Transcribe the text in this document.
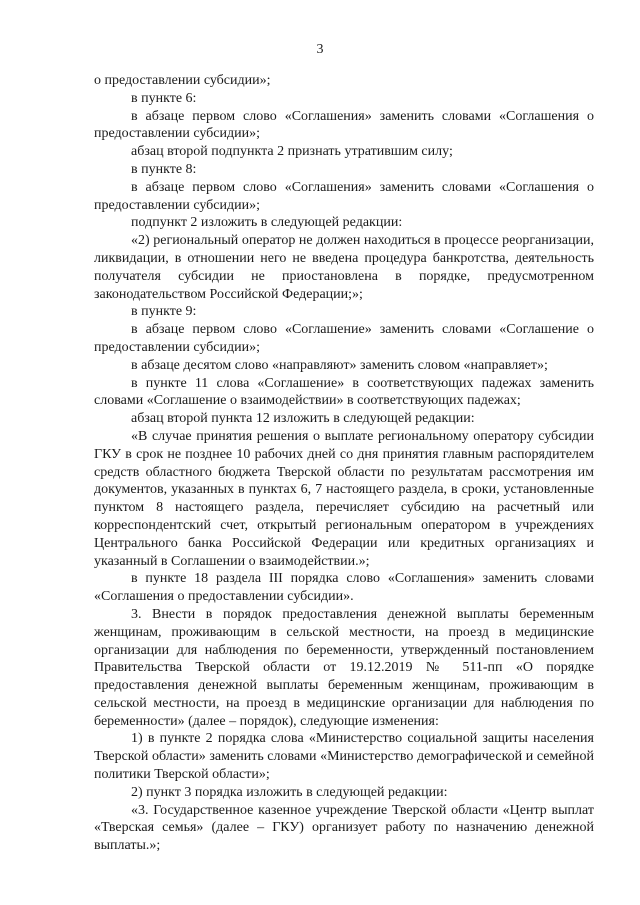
3

о предоставлении субсидии»;

в пункте 6:

в абзаце первом слово «Соглашения» заменить словами «Соглашения о предоставлении субсидии»;

абзац второй подпункта 2 признать утратившим силу;

в пункте 8:

в абзаце первом слово «Соглашения» заменить словами «Соглашения о предоставлении субсидии»;

подпункт 2 изложить в следующей редакции:

«2) региональный оператор не должен находиться в процессе реорганизации, ликвидации, в отношении него не введена процедура банкротства, деятельность получателя субсидии не приостановлена в порядке, предусмотренном законодательством Российской Федерации;»;

в пункте 9:

в абзаце первом слово «Соглашение» заменить словами «Соглашение о предоставлении субсидии»;

в абзаце десятом слово «направляют» заменить словом «направляет»;

в пункте 11 слова «Соглашение» в соответствующих падежах заменить словами «Соглашение о взаимодействии» в соответствующих падежах;

абзац второй пункта 12 изложить в следующей редакции:

«В случае принятия решения о выплате региональному оператору субсидии ГКУ в срок не позднее 10 рабочих дней со дня принятия главным распорядителем средств областного бюджета Тверской области по результатам рассмотрения им документов, указанных в пунктах 6, 7 настоящего раздела, в сроки, установленные пунктом 8 настоящего раздела, перечисляет субсидию на расчетный или корреспондентский счет, открытый региональным оператором в учреждениях Центрального банка Российской Федерации или кредитных организациях и указанный в Соглашении о взаимодействии.»;

в пункте 18 раздела III порядка слово «Соглашения» заменить словами «Соглашения о предоставлении субсидии».

3. Внести в порядок предоставления денежной выплаты беременным женщинам, проживающим в сельской местности, на проезд в медицинские организации для наблюдения по беременности, утвержденный постановлением Правительства Тверской области от 19.12.2019 № 511-пп «О порядке предоставления денежной выплаты беременным женщинам, проживающим в сельской местности, на проезд в медицинские организации для наблюдения по беременности» (далее – порядок), следующие изменения:

1) в пункте 2 порядка слова «Министерство социальной защиты населения Тверской области» заменить словами «Министерство демографической и семейной политики Тверской области»;

2) пункт 3 порядка изложить в следующей редакции:

«3. Государственное казенное учреждение Тверской области «Центр выплат «Тверская семья» (далее – ГКУ) организует работу по назначению денежной выплаты.»;
